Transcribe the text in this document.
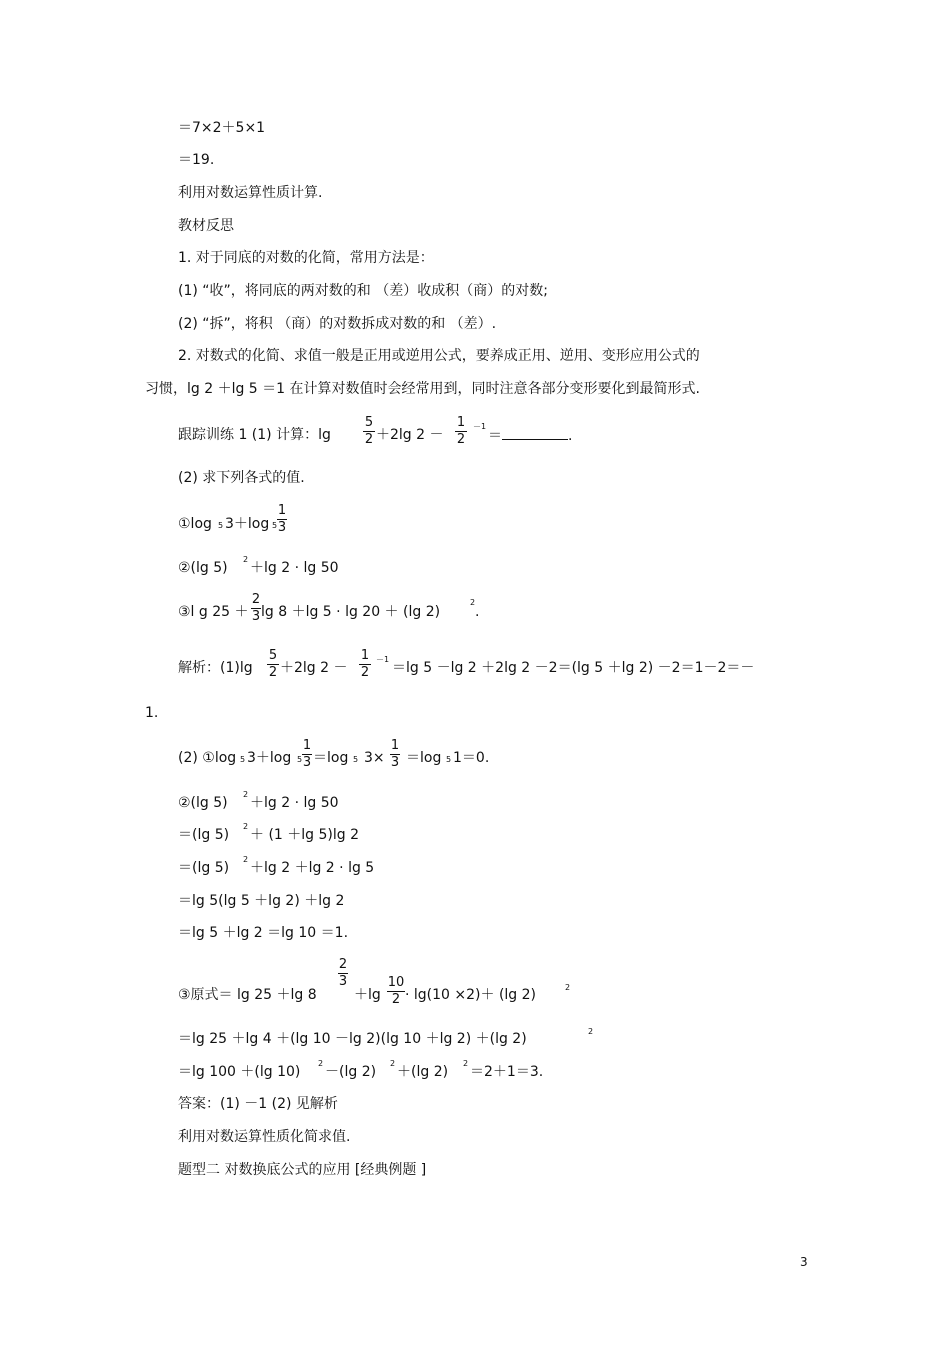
＝7×2＋5×1
＝19.
利用对数运算性质计算.
教材反思
1. 对于同底的对数的化简，常用方法是：
(1) “收”，将同底的两对数的和 （差）收成积（商）的对数;
(2) “拆”，将积 （商）的对数拆成对数的和 （差）.
2. 对数式的化简、求值一般是正用或逆用公式，要养成正用、逆用、变形应用公式的
习惯，lg 2 ＋lg 5 ＝1 在计算对数值时会经常用到，同时注意各部分变形要化到最简形式.
跟踪训练 1 (1) 计算：lg
5
2 ＋2lg 2 －
1
2
－1
＝	.
(2) 求下列各式的值.
①log 5 3＋log 5
1
3
②(lg 5)
2
＋lg 2 · lg 50
③l g 25 ＋
2
3 lg 8 ＋lg 5 · lg 20 ＋ (lg 2)
2
.
解析：(1)lg
5
2 ＋2lg 2 －
1
2
－1
＝lg 5 －lg 2 ＋2lg 2 －2＝(lg 5 ＋lg 2) －2＝1－2＝－
1.
(2) ①log 5 3＋log 5
1
3 ＝log 5 3×
1
3 ＝log 5 1＝0.
②(lg 5)
2
＋lg 2 · lg 50
＝(lg 5)
2
＋ (1 ＋lg 5)lg 2
＝(lg 5)
2
＋lg 2 ＋lg 2 · lg 5
＝lg 5(lg 5 ＋lg 2) ＋lg 2
＝lg 5 ＋lg 2 ＝lg 10 ＝1.
③原式＝ lg 25 ＋lg 8
2
3
＋lg
10
2 · lg(10 ×2)＋ (lg 2)	2
＝lg 25 ＋lg 4 ＋(lg 10 －lg 2)(lg 10 ＋lg 2) ＋(lg 2)	2
＝lg 100 ＋(lg 10)
2
－(lg 2)
2
＋(lg 2)
2
＝2＋1＝3.
答案：(1) －1 (2) 见解析
利用对数运算性质化简求值.
题型二 对数换底公式的应用 [经典例题 ]
3
